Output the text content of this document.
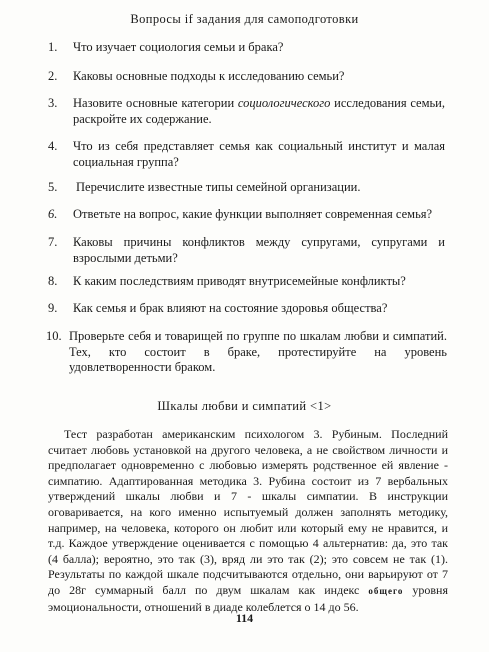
Вопросы if задания для самоподготовки
1. Что изучает социология семьи и брака?
2. Каковы основные подходы к исследованию семьи?
3. Назовите основные категории социологического исследования семьи, раскройте их содержание.
4. Что из себя представляет семья как социальный институт и малая социальная группа?
5. Перечислите известные типы семейной организации.
6. Ответьте на вопрос, какие функции выполняет современная семья?
7. Каковы причины конфликтов между супругами, супругами и взрослыми детьми?
8. К каким последствиям приводят внутрисемейные конфликты?
9. Как семья и брак влияют на состояние здоровья общества?
10. Проверьте себя и товарищей по группе по шкалам любви и симпатий. Тех, кто состоит в браке, протестируйте на уровень удовлетворенности браком.
Шкалы любви и симпатий <1>
Тест разработан американским психологом 3. Рубиным. Последний считает любовь установкой на другого человека, а не свойством личности и предполагает одновременно с любовью измерять родственное ей явление - симпатию. Адаптированная методика 3. Рубина состоит из 7 вербальных утверждений шкалы любви и 7 - шкалы симпатии. В инструкции оговаривается, на кого именно испытуемый должен заполнять методику, например, на человека, которого он любит или который ему не нравится, и т.д. Каждое утверждение оценивается с помощью 4 альтернатив: да, это так (4 балла); вероятно, это так (3), вряд ли это так (2); это совсем не так (1). Результаты по каждой шкале подсчитываются отдельно, они варьируют от 7 до 28г суммарный балл по двум шкалам как индекс общего уровня эмоциональности, отношений в диаде колеблется о 14 до 56.
114
